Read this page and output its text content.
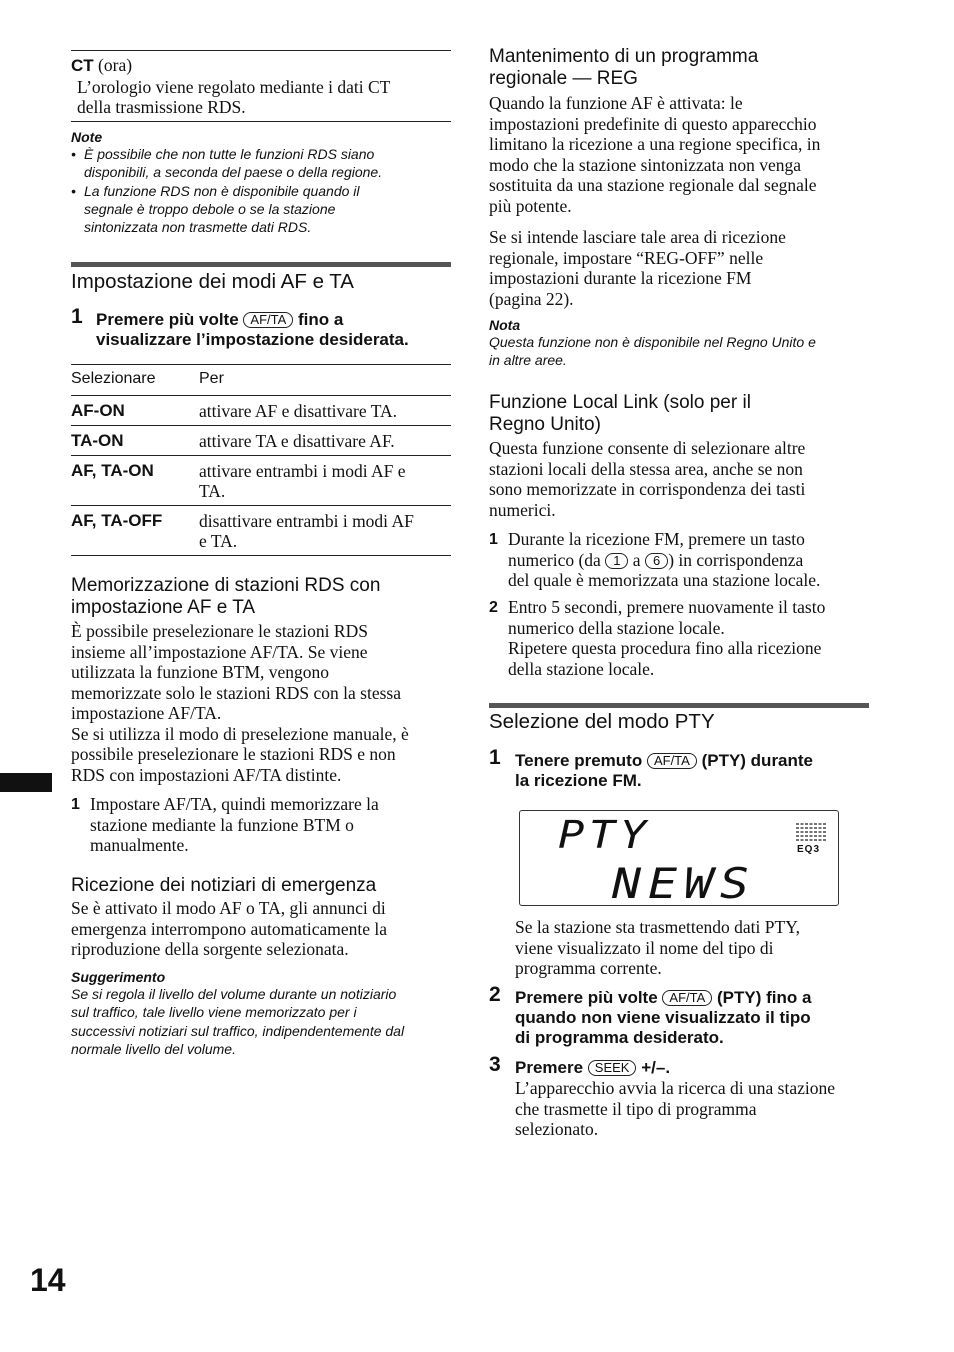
CT (ora)
L’orologio viene regolato mediante i dati CT
della trasmissione RDS.
Note
• È possibile che non tutte le funzioni RDS siano
disponibili, a seconda del paese o della regione.
• La funzione RDS non è disponibile quando il
segnale è troppo debole o se la stazione
sintonizzata non trasmette dati RDS.
Impostazione dei modi AF e TA
1 Premere più volte AF/TA fino a
visualizzare l’impostazione desiderata.
Selezionare	Per
AF-ON	attivare AF e disattivare TA.
TA-ON	attivare TA e disattivare AF.
AF, TA-ON	attivare entrambi i modi AF e
TA.

AF, TA-OFF	disattivare entrambi i modi AF
e TA.
Memorizzazione di stazioni RDS con
impostazione AF e TA
È possibile preselezionare le stazioni RDS
insieme all’impostazione AF/TA. Se viene
utilizzata la funzione BTM, vengono
memorizzate solo le stazioni RDS con la stessa
impostazione AF/TA.
Se si utilizza il modo di preselezione manuale, è
possibile preselezionare le stazioni RDS e non
RDS con impostazioni AF/TA distinte.
1 Impostare AF/TA, quindi memorizzare la
stazione mediante la funzione BTM o
manualmente.
Ricezione dei notiziari di emergenza
Se è attivato il modo AF o TA, gli annunci di
emergenza interrompono automaticamente la
riproduzione della sorgente selezionata.
Suggerimento
Se si regola il livello del volume durante un notiziario
sul traffico, tale livello viene memorizzato per i
successivi notiziari sul traffico, indipendentemente dal
normale livello del volume.
Mantenimento di un programma
regionale — REG
Quando la funzione AF è attivata: le
impostazioni predefinite di questo apparecchio
limitano la ricezione a una regione specifica, in
modo che la stazione sintonizzata non venga
sostituita da una stazione regionale dal segnale
più potente.
Se si intende lasciare tale area di ricezione
regionale, impostare “REG-OFF” nelle
impostazioni durante la ricezione FM
(pagina 22).
Nota
Questa funzione non è disponibile nel Regno Unito e
in altre aree.
Funzione Local Link (solo per il
Regno Unito)
Questa funzione consente di selezionare altre
stazioni locali della stessa area, anche se non
sono memorizzate in corrispondenza dei tasti
numerici.
1 Durante la ricezione FM, premere un tasto
numerico (da 1 a 6 ) in corrispondenza
del quale è memorizzata una stazione locale.
2 Entro 5 secondi, premere nuovamente il tasto
numerico della stazione locale.
Ripetere questa procedura fino alla ricezione
della stazione locale.
Selezione del modo PTY
1 Tenere premuto AF/TA (PTY) durante
la ricezione FM.
PTY
NEWS
EQ3
Se la stazione sta trasmettendo dati PTY,
viene visualizzato il nome del tipo di
programma corrente.
2 Premere più volte AF/TA (PTY) fino a
quando non viene visualizzato il tipo
di programma desiderato.
3 Premere SEEK +/–.
L’apparecchio avvia la ricerca di una stazione
che trasmette il tipo di programma
selezionato.
14
